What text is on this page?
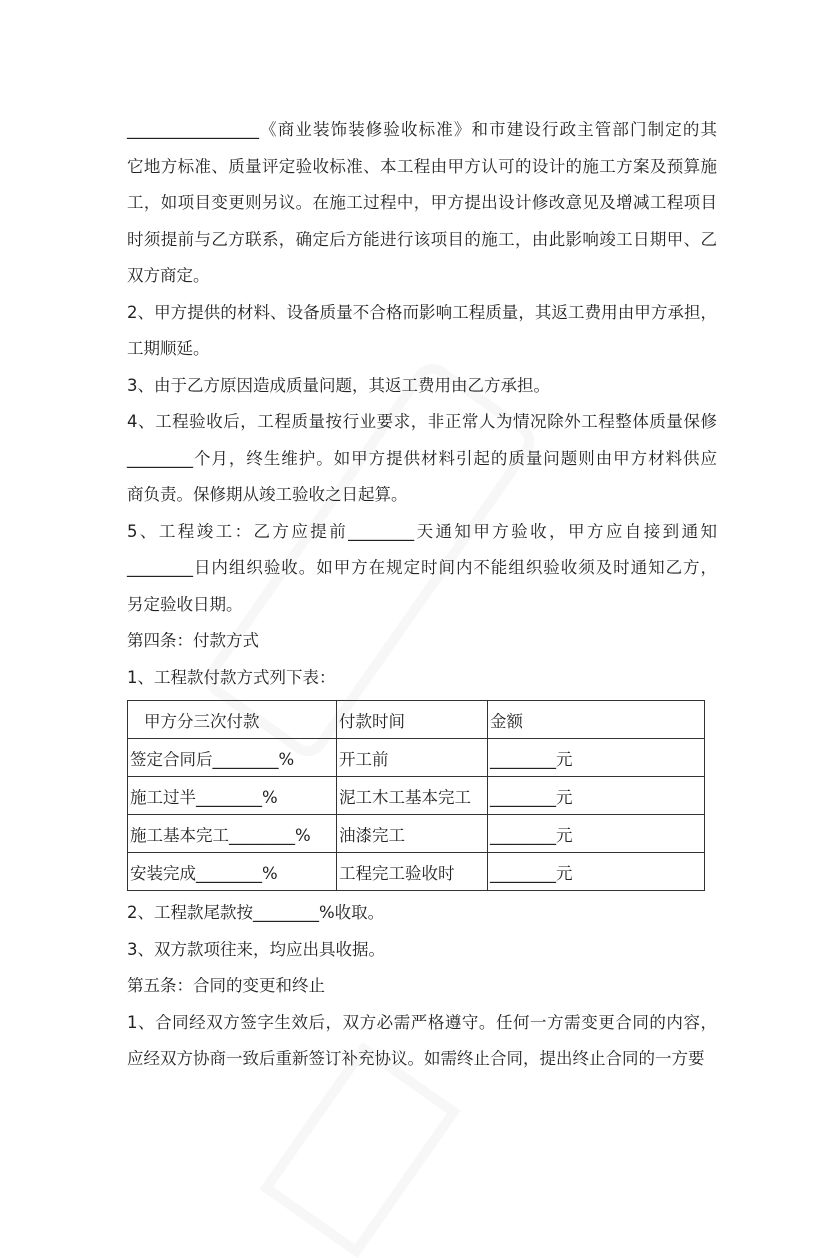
________________《商业装饰装修验收标准》和市建设行政主管部门制定的其
它地方标准、质量评定验收标准、本工程由甲方认可的设计的施工方案及预算施
工，如项目变更则另议。在施工过程中，甲方提出设计修改意见及增减工程项目
时须提前与乙方联系，确定后方能进行该项目的施工，由此影响竣工日期甲、乙
双方商定。
2、甲方提供的材料、设备质量不合格而影响工程质量，其返工费用由甲方承担，
工期顺延。
3、由于乙方原因造成质量问题，其返工费用由乙方承担。
4、工程验收后，工程质量按行业要求，非正常人为情况除外工程整体质量保修
________个月，终生维护。如甲方提供材料引起的质量问题则由甲方材料供应
商负责。保修期从竣工验收之日起算。
5、工程竣工：乙方应提前________天通知甲方验收，甲方应自接到通知
________日内组织验收。如甲方在规定时间内不能组织验收须及时通知乙方，
另定验收日期。
第四条：付款方式
1、工程款付款方式列下表：
甲方分三次付款	付款时间	金额
签定合同后________%	开工前	________元
施工过半________%	泥工木工基本完工	________元
施工基本完工________%	油漆完工	________元
安装完成________%	工程完工验收时	________元
2、工程款尾款按________%收取。
3、双方款项往来，均应出具收据。
第五条：合同的变更和终止
1、合同经双方签字生效后，双方必需严格遵守。任何一方需变更合同的内容，
应经双方协商一致后重新签订补充协议。如需终止合同，提出终止合同的一方要
